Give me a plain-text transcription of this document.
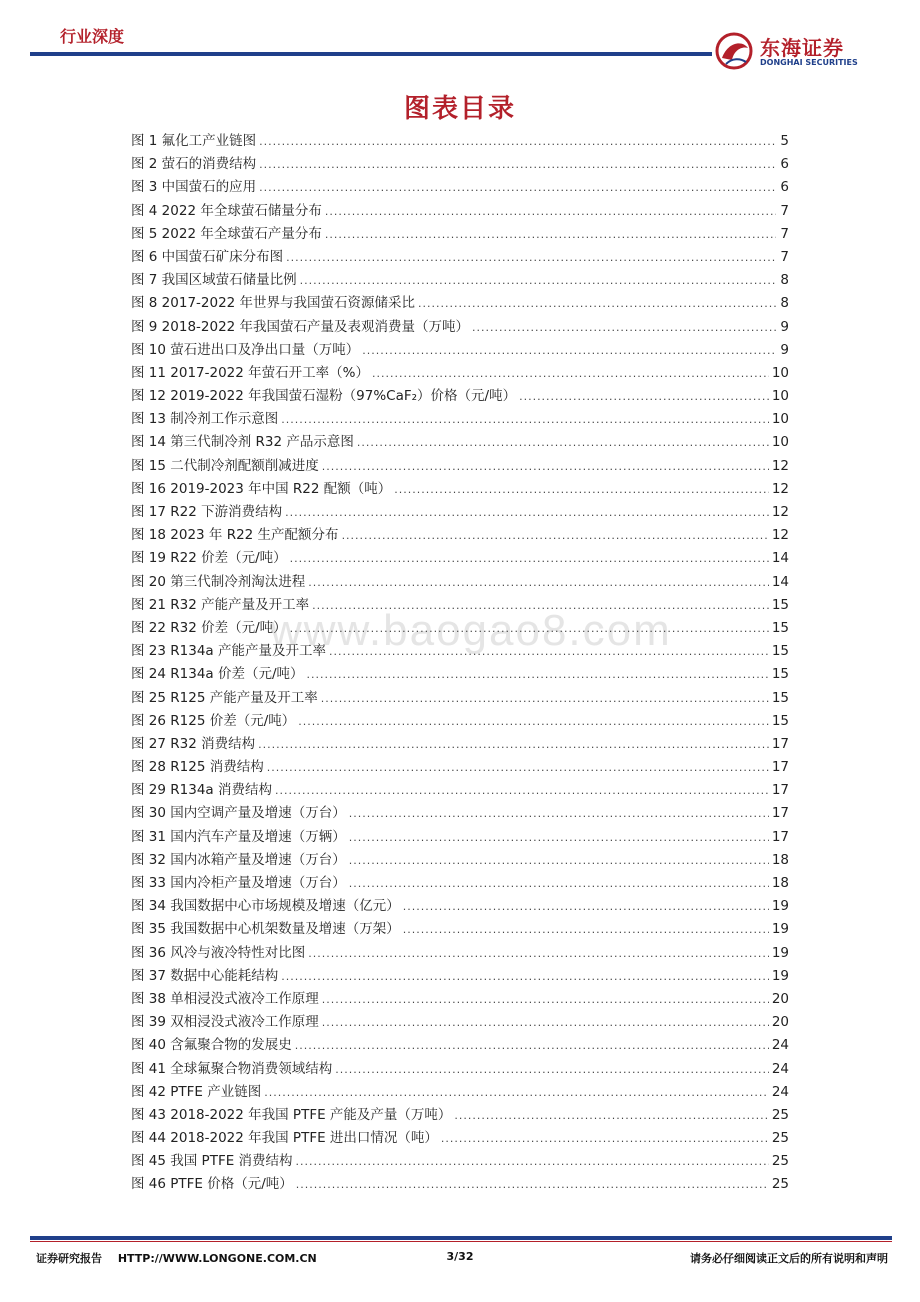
行业深度	东海证券
DONGHAI SECURITIES
图表目录
www.baogao8.com
图 1 氟化工产业链图 .....	5
图 2 萤石的消费结构 .....	6
图 3 中国萤石的应用 .....	6
图 4 2022 年全球萤石储量分布 .....	7
图 5 2022 年全球萤石产量分布 .....	7
图 6 中国萤石矿床分布图 .....	7
图 7 我国区域萤石储量比例 .....	8
图 8 2017-2022 年世界与我国萤石资源储采比 .....	8
图 9 2018-2022 年我国萤石产量及表观消费量（万吨） .....	9
图 10 萤石进出口及净出口量（万吨） .....	9
图 11 2017-2022 年萤石开工率（%） .....	10
图 12 2019-2022 年我国萤石湿粉（97%CaF₂）价格（元/吨） .....	10
图 13 制冷剂工作示意图 .....	10
图 14 第三代制冷剂 R32 产品示意图 .....	10
图 15 二代制冷剂配额削减进度 .....	12
图 16 2019-2023 年中国 R22 配额（吨） .....	12
图 17 R22 下游消费结构 .....	12
图 18 2023 年 R22 生产配额分布 .....	12
图 19 R22 价差（元/吨） .....	14
图 20 第三代制冷剂淘汰进程 .....	14
图 21 R32 产能产量及开工率 .....	15
图 22 R32 价差（元/吨） .....	15
图 23 R134a 产能产量及开工率 .....	15
图 24 R134a 价差（元/吨） .....	15
图 25 R125 产能产量及开工率 .....	15
图 26 R125 价差（元/吨） .....	15
图 27 R32 消费结构 .....	17
图 28 R125 消费结构 .....	17
图 29 R134a 消费结构 .....	17
图 30 国内空调产量及增速（万台） .....	17
图 31 国内汽车产量及增速（万辆） .....	17
图 32 国内冰箱产量及增速（万台） .....	18
图 33 国内冷柜产量及增速（万台） .....	18
图 34 我国数据中心市场规模及增速（亿元） .....	19
图 35 我国数据中心机架数量及增速（万架） .....	19
图 36 风冷与液冷特性对比图 .....	19
图 37 数据中心能耗结构 .....	19
图 38 单相浸没式液冷工作原理 .....	20
图 39 双相浸没式液冷工作原理 .....	20
图 40 含氟聚合物的发展史 .....	24
图 41 全球氟聚合物消费领域结构 .....	24
图 42 PTFE 产业链图 .....	24
图 43 2018-2022 年我国 PTFE 产能及产量（万吨） .....	25
图 44 2018-2022 年我国 PTFE 进出口情况（吨） .....	25
图 45 我国 PTFE 消费结构 .....	25
图 46 PTFE 价格（元/吨） .....	25
证券研究报告 HTTP://WWW.LONGONE.COM.CN	3/32	请务必仔细阅读正文后的所有说明和声明
